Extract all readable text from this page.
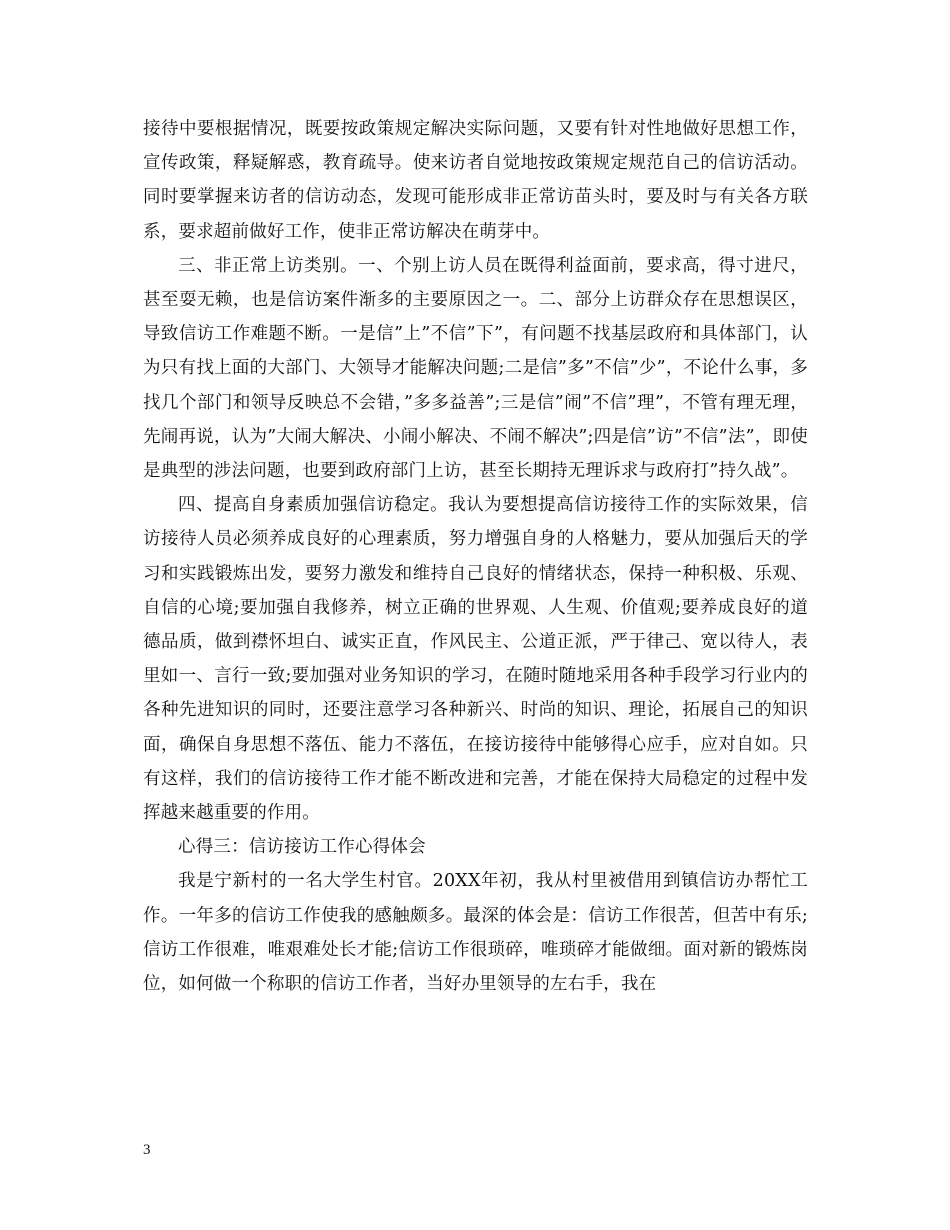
接待中要根据情况，既要按政策规定解决实际问题，又要有针对性地做好思想工作，宣传政策，释疑解惑，教育疏导。使来访者自觉地按政策规定规范自己的信访活动。同时要掌握来访者的信访动态，发现可能形成非正常访苗头时，要及时与有关各方联系，要求超前做好工作，使非正常访解决在萌芽中。

三、非正常上访类别。一、个别上访人员在既得利益面前，要求高，得寸进尺，甚至耍无赖，也是信访案件渐多的主要原因之一。二、部分上访群众存在思想误区，导致信访工作难题不断。一是信”上”不信”下”，有问题不找基层政府和具体部门，认为只有找上面的大部门、大领导才能解决问题;二是信”多”不信”少”，不论什么事，多找几个部门和领导反映总不会错，”多多益善”;三是信”闹”不信”理”，不管有理无理，先闹再说，认为”大闹大解决、小闹小解决、不闹不解决”;四是信”访”不信”法”，即使是典型的涉法问题，也要到政府部门上访，甚至长期持无理诉求与政府打”持久战”。

四、提高自身素质加强信访稳定。我认为要想提高信访接待工作的实际效果，信访接待人员必须养成良好的心理素质，努力增强自身的人格魅力，要从加强后天的学习和实践锻炼出发，要努力激发和维持自己良好的情绪状态，保持一种积极、乐观、自信的心境;要加强自我修养，树立正确的世界观、人生观、价值观;要养成良好的道德品质，做到襟怀坦白、诚实正直，作风民主、公道正派，严于律己、宽以待人，表里如一、言行一致;要加强对业务知识的学习，在随时随地采用各种手段学习行业内的各种先进知识的同时，还要注意学习各种新兴、时尚的知识、理论，拓展自己的知识面，确保自身思想不落伍、能力不落伍，在接访接待中能够得心应手，应对自如。只有这样，我们的信访接待工作才能不断改进和完善，才能在保持大局稳定的过程中发挥越来越重要的作用。

心得三：信访接访工作心得体会

我是宁新村的一名大学生村官。20XX年初，我从村里被借用到镇信访办帮忙工作。一年多的信访工作使我的感触颇多。最深的体会是：信访工作很苦，但苦中有乐;信访工作很难，唯艰难处长才能;信访工作很琐碎，唯琐碎才能做细。面对新的锻炼岗位，如何做一个称职的信访工作者，当好办里领导的左右手，我在

3
